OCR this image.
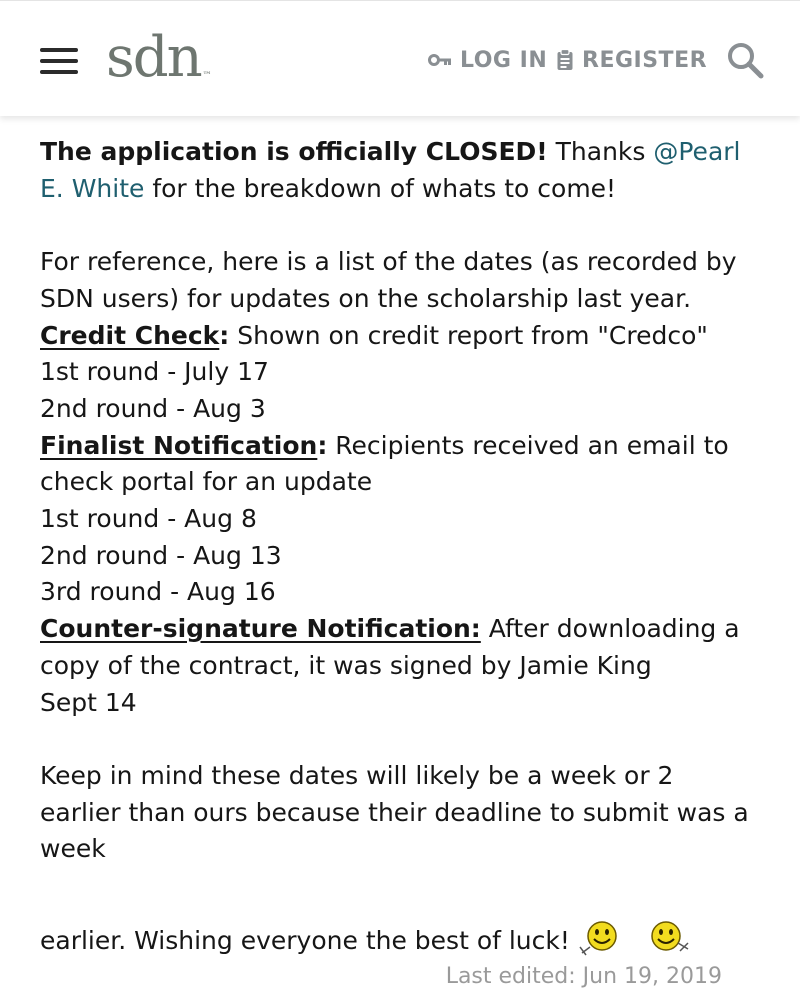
sdn ™
LOG IN REGISTER

The application is officially CLOSED! Thanks @Pearl E. White for the breakdown of whats to come!

For reference, here is a list of the dates (as recorded by SDN users) for updates on the scholarship last year.

Credit Check: Shown on credit report from "Credco"

1st round - July 17

2nd round - Aug 3

Finalist Notification: Recipients received an email to check portal for an update

1st round - Aug 8

2nd round - Aug 13

3rd round - Aug 16

Counter-signature Notification: After downloading a copy of the contract, it was signed by Jamie King

Sept 14

Keep in mind these dates will likely be a week or 2 earlier than ours because their deadline to submit was a week

earlier. Wishing everyone the best of luck!

Last edited: Jun 19, 2019
